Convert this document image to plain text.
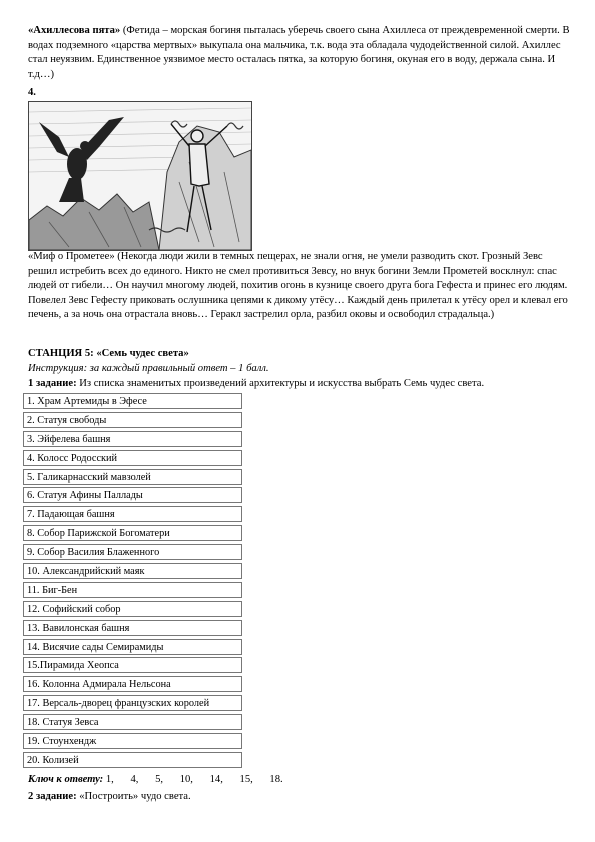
«Ахиллесова пята» (Фетида – морская богиня пыталась уберечь своего сына Ахиллеса от преждевременной смерти. В водах подземного «царства мертвых» выкупала она мальчика, т.к. вода эта обладала чудодейственной силой. Ахиллес стал неуязвим. Единственное уязвимое место осталась пятка, за которую богиня, окуная его в воду, держала сына. И т.д…)
4.
«Миф о Прометее» (Некогда люди жили в темных пещерах, не знали огня, не умели разводить скот. Грозный Зевс решил истребить всех до единого. Никто не смел противиться Зевсу, но внук богини Земли Прометей восклнул: спас людей от гибели… Он научил многому людей, похитив огонь в кузнице своего друга бога Гефеста и принес его людям. Повелел Зевс Гефесту приковать ослушника цепями к дикому утёсу… Каждый день прилетал к утёсу орел и клевал его печень, а за ночь она отрастала вновь… Геракл застрелил орла, разбил оковы и освободил страдальца.)
СТАНЦИЯ 5: «Семь чудес света»
Инструкция: за каждый правильный ответ – 1 балл.
1 задание: Из списка знаменитых произведений архитектуры и искусства выбрать Семь чудес света.
1. Храм Артемиды в Эфесе
2. Статуя свободы
3. Эйфелева башня
4. Колосс Родосский
5. Галикарнасский мавзолей
6. Статуя Афины Паллады
7. Падающая башня
8. Собор Парижской Богоматери
9. Собор Василия Блаженного
10. Александрийский маяк
11. Биг-Бен
12. Софийский собор
13. Вавилонская башня
14. Висячие сады Семирамиды
15.Пирамида Хеопса
16. Колонна Адмирала Нельсона
17. Версаль-дворец французских королей
18. Статуя Зевса
19. Стоунхендж
20. Колизей
Ключ к ответу: 1, 4, 5, 10, 14, 15, 18.
2 задание: «Построить» чудо света.
